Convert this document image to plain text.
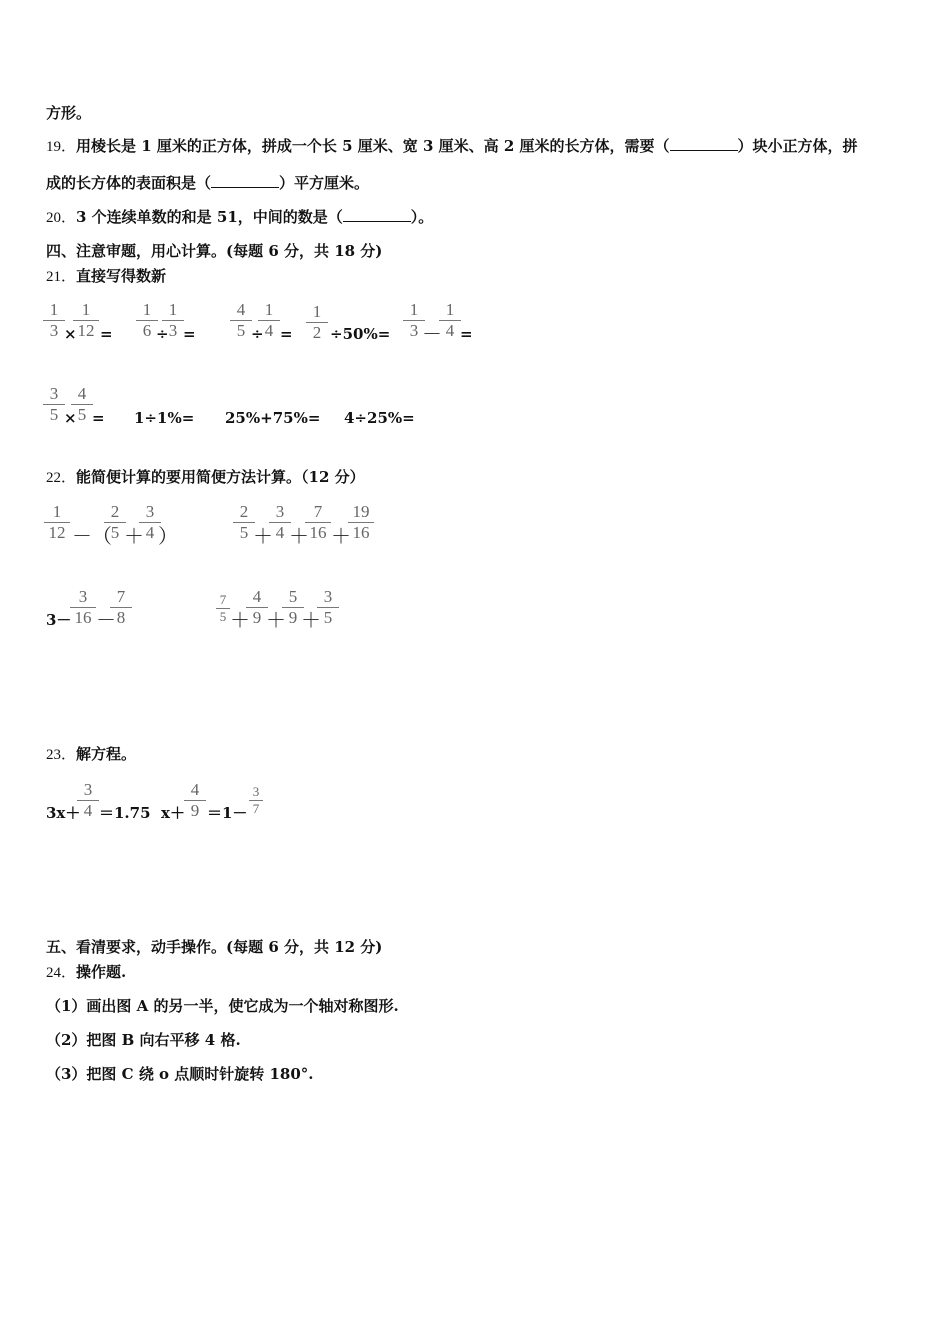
方形。
19．用棱长是 1 厘米的正方体，拼成一个长 5 厘米、宽 3 厘米、高 2 厘米的长方体，需要（	）块小正方体，拼
成的长方体的表面积是（	）平方厘米。
20．3 个连续单数的和是 51，中间的数是（	）。
四、注意审题，用心计算。(每题 6 分，共 18 分)
21．直接写得数新
$\frac{1}{3}$ ×
$\frac{1}{12} = \frac{1}{6}$
÷
$\frac{1}{3} = \frac{4}{5}$ ÷
$\frac{1}{4} = \frac{1}{2} \div 50\%= \frac{1}{3}$
－
$\frac{1}{4}$ =
$\frac{3}{5}$ ×
$\frac{4}{5} = 1\div 1\%= 25\%+75\%= 4\div 25\%=$
22．能简便计算的要用简便方法计算。（12 分）
$\frac{1}{12}$ －（
$\frac{2}{5}$
＋
$\frac{3}{4}$
）	$\frac{2}{5}$
＋
$\frac{3}{4}$
＋
$\frac{7}{16}$ ＋
$\frac{19}{16}$
3－
$\frac{3}{16}$ －
$\frac{7}{8}$	$\frac{7}{5}$ ＋
$\frac{4}{9}$
＋
$\frac{5}{9}$
＋
$\frac{3}{5}$
23．解方程。
3x＋
$\frac{3}{4} =1.75$ $x+ \frac{4}{9} =1- \frac{3}{7}$
五、看清要求，动手操作。(每题 6 分，共 12 分)
24．操作题.
（1）画出图 A 的另一半，使它成为一个轴对称图形.
（2）把图 B 向右平移 4 格.
（3）把图 C 绕 o 点顺时针旋转 180°.
